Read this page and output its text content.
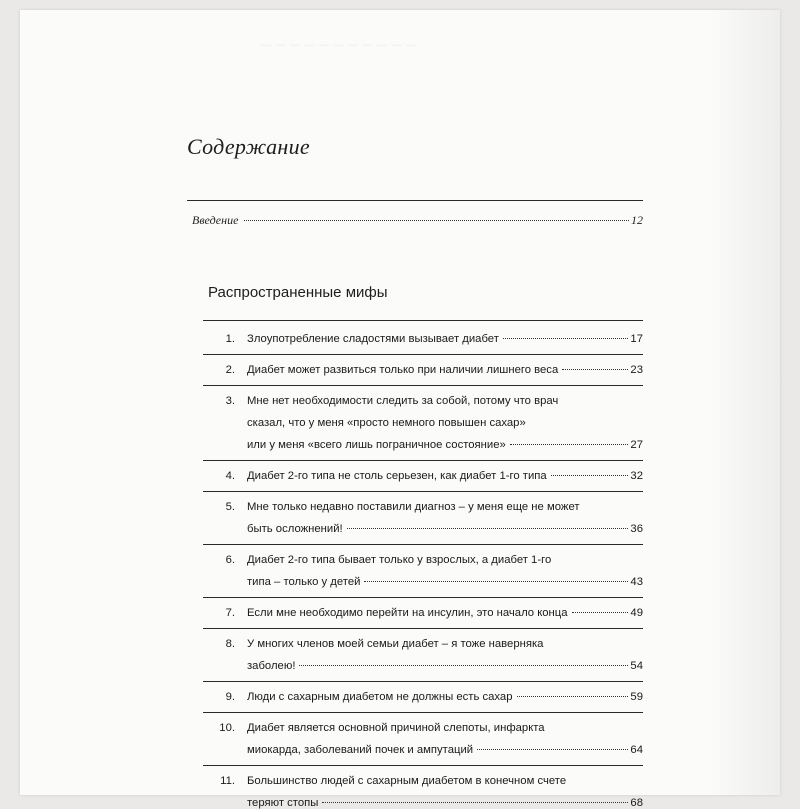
— — — — — — — — — — —
Содержание
Введение	12
Распространенные мифы
1. Злоупотребление сладостями вызывает диабет	17
2. Диабет может развиться только при наличии лишнего веса	23
3. Мне нет необходимости следить за собой, потому что врач
сказал, что у меня «просто немного повышен сахар»
или у меня «всего лишь пограничное состояние»	27
4. Диабет 2-го типа не столь серьезен, как диабет 1-го типа	32
5. Мне только недавно поставили диагноз – у меня еще не может
быть осложнений!	36
6. Диабет 2-го типа бывает только у взрослых, а диабет 1-го
типа – только у детей	43
7. Если мне необходимо перейти на инсулин, это начало конца	49
8. У многих членов моей семьи диабет – я тоже наверняка
заболею!	54
9. Люди с сахарным диабетом не должны есть сахар	59
10. Диабет является основной причиной слепоты, инфаркта
миокарда, заболеваний почек и ампутаций	64
11. Большинство людей с сахарным диабетом в конечном счете
теряют стопы	68
